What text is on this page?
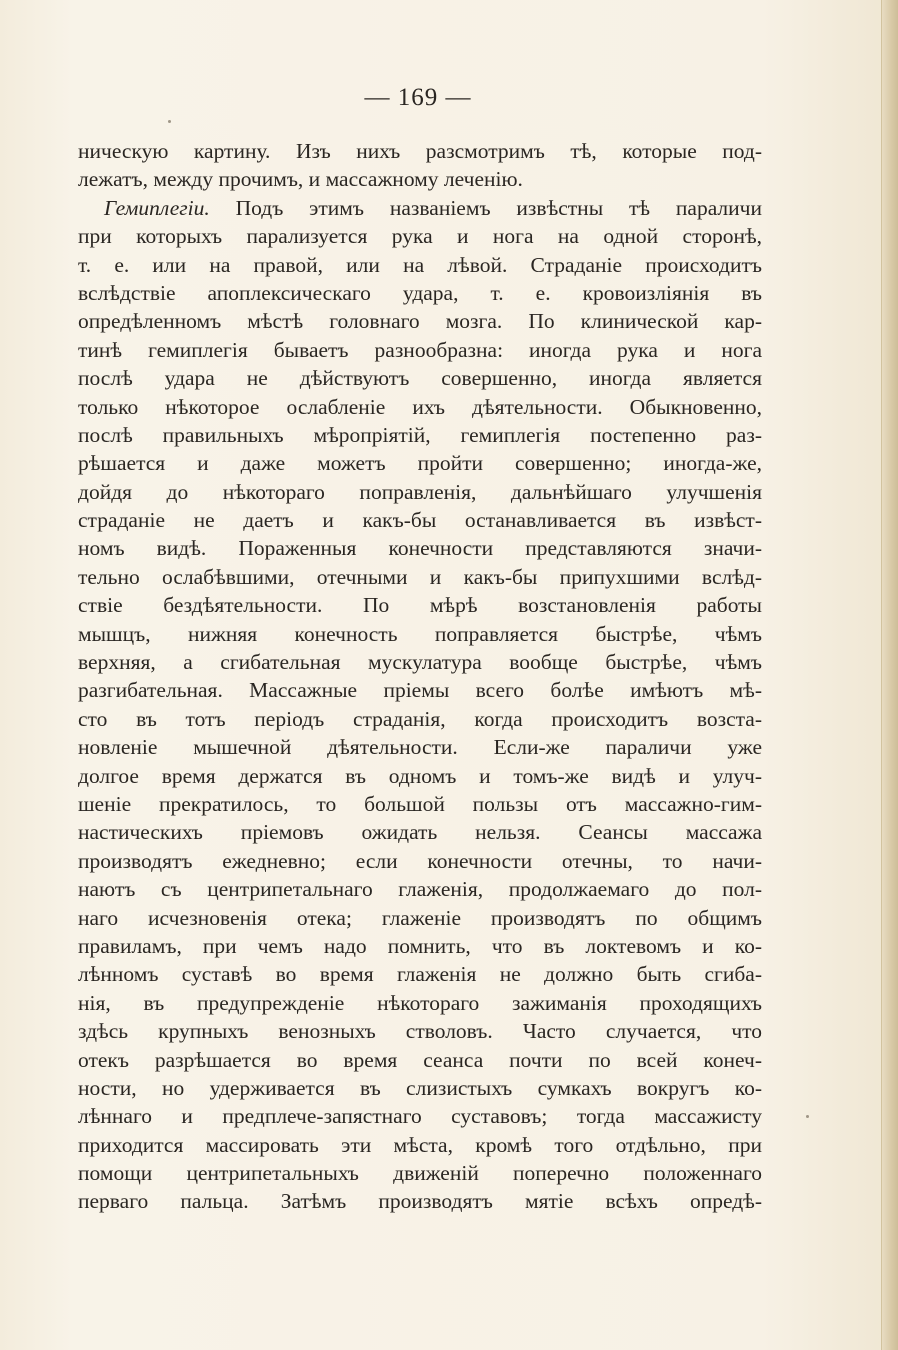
— 169 —
ническую картину. Изъ нихъ разсмотримъ тѣ, которые под-
лежатъ, между прочимъ, и массажному леченiю.
Гемиплегiи. Подъ этимъ названiемъ извѣстны тѣ параличи
при которыхъ парализуется рука и нога на одной сторонѣ,
т. е. или на правой, или на лѣвой. Страданiе происходитъ
вслѣдствiе апоплексическаго удара, т. е. кровоизлiянiя въ
опредѣленномъ мѣстѣ головнаго мозга. По клинической кар-
тинѣ гемиплегiя бываетъ разнообразна: иногда рука и нога
послѣ удара не дѣйствуютъ совершенно, иногда является
только нѣкоторое ослабленiе ихъ дѣятельности. Обыкновенно,
послѣ правильныхъ мѣропрiятiй, гемиплегiя постепенно раз-
рѣшается и даже можетъ пройти совершенно; иногда-же,
дойдя до нѣкотораго поправленiя, дальнѣйшаго улучшенiя
страданiе не даетъ и какъ-бы останавливается въ извѣст-
номъ видѣ. Пораженныя конечности представляются значи-
тельно ослабѣвшими, отечными и какъ-бы припухшими вслѣд-
ствiе бездѣятельности. По мѣрѣ возстановленiя работы
мышцъ, нижняя конечность поправляется быстрѣе, чѣмъ
верхняя, а сгибательная мускулатура вообще быстрѣе, чѣмъ
разгибательная. Массажные прiемы всего болѣе имѣютъ мѣ-
сто въ тотъ перiодъ страданiя, когда происходитъ возста-
новленiе мышечной дѣятельности. Если-же параличи уже
долгое время держатся въ одномъ и томъ-же видѣ и улуч-
шенiе прекратилось, то большой пользы отъ массажно-гим-
настическихъ прiемовъ ожидать нельзя. Сеансы массажа
производятъ ежедневно; если конечности отечны, то начи-
наютъ съ центрипетальнаго глаженiя, продолжаемаго до пол-
наго исчезновенiя отека; глаженiе производятъ по общимъ
правиламъ, при чемъ надо помнить, что въ локтевомъ и ко-
лѣнномъ суставѣ во время глаженiя не должно быть сгиба-
нiя, въ предупрежденiе нѣкотораго зажиманiя проходящихъ
здѣсь крупныхъ венозныхъ стволовъ. Часто случается, что
отекъ разрѣшается во время сеанса почти по всей конеч-
ности, но удерживается въ слизистыхъ сумкахъ вокругъ ко-
лѣннаго и предплече-запястнаго суставовъ; тогда массажисту
приходится массировать эти мѣста, кромѣ того отдѣльно, при
помощи центрипетальныхъ движенiй поперечно положеннаго
перваго пальца. Затѣмъ производятъ мятiе всѣхъ опредѣ-
